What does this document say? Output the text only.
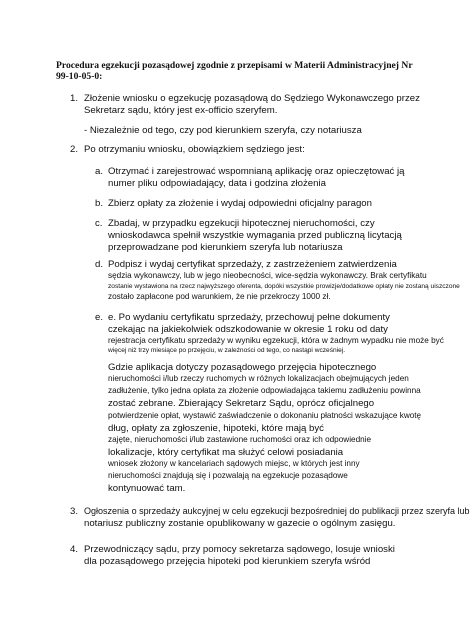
Procedura egzekucji pozasądowej zgodnie z przepisami w Materii Administracyjnej Nr
99-10-05-0:
1. Złożenie wniosku o egzekucję pozasądową do Sędziego Wykonawczego przez
Sekretarz sądu, który jest ex-officio szeryfem.
- Niezależnie od tego, czy pod kierunkiem szeryfa, czy notariusza
2. Po otrzymaniu wniosku, obowiązkiem sędziego jest:
a. Otrzymać i zarejestrować wspomnianą aplikację oraz opieczętować ją
numer pliku odpowiadający, data i godzina złożenia
b. Zbierz opłaty za złożenie i wydaj odpowiedni oficjalny paragon
c. Zbadaj, w przypadku egzekucji hipotecznej nieruchomości, czy
wnioskodawca spełnił wszystkie wymagania przed publiczną licytacją
przeprowadzane pod kierunkiem szeryfa lub notariusza
d. Podpisz i wydaj certyfikat sprzedaży, z zastrzeżeniem zatwierdzenia
sędzia wykonawczy, lub w jego nieobecności, wice-sędzia wykonawczy. Brak certyfikatu
zostanie wystawiona na rzecz najwyższego oferenta, dopóki wszystkie prowizje/dodatkowe opłaty nie zostaną uiszczone
zostało zapłacone pod warunkiem, że nie przekroczy 1000 zł.
e. e. Po wydaniu certyfikatu sprzedaży, przechowuj pełne dokumenty
czekając na jakiekolwiek odszkodowanie w okresie 1 roku od daty
rejestracja certyfikatu sprzedaży w wyniku egzekucji, która w żadnym wypadku nie może być
więcej niż trzy miesiące po przejęciu, w zależności od tego, co nastąpi wcześniej.
Gdzie aplikacja dotyczy pozasądowego przejęcia hipotecznego
nieruchomości i/lub rzeczy ruchomych w różnych lokalizacjach obejmujących jeden
zadłużenie, tylko jedna opłata za złożenie odpowiadająca takiemu zadłużeniu powinna
zostać zebrane. Zbierający Sekretarz Sądu, oprócz oficjalnego
potwierdzenie opłat, wystawić zaświadczenie o dokonaniu płatności wskazujące kwotę
dług, opłaty za zgłoszenie, hipoteki, które mają być
zajęte, nieruchomości i/lub zastawione ruchomości oraz ich odpowiednie
lokalizacje, który certyfikat ma służyć celowi posiadania
wniosek złożony w kancelariach sądowych miejsc, w których jest inny
nieruchomości znajdują się i pozwalają na egzekucje pozasądowe
kontynuować tam.
3. Ogłoszenia o sprzedaży aukcyjnej w celu egzekucji bezpośredniej do publikacji przez szeryfa lub
notariusz publiczny zostanie opublikowany w gazecie o ogólnym zasięgu.
4. Przewodniczący sądu, przy pomocy sekretarza sądowego, losuje wnioski
dla pozasądowego przejęcia hipoteki pod kierunkiem szeryfa wśród
